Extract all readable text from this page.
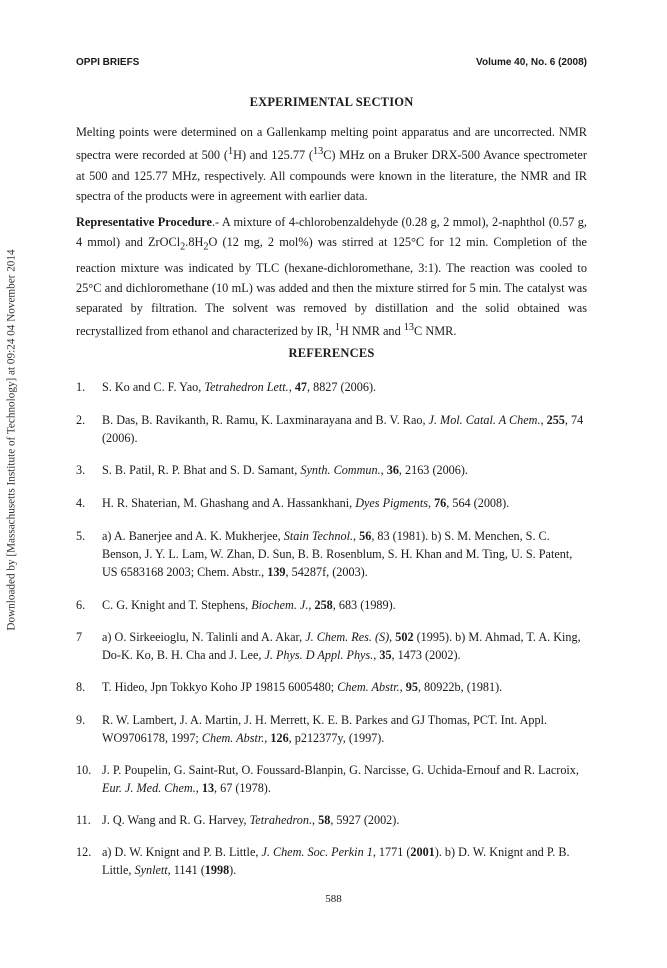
Downloaded by [Massachusetts Institute of Technology] at 09:24 04 November 2014
OPPI BRIEFS	Volume 40, No. 6 (2008)
EXPERIMENTAL SECTION

Melting points were determined on a Gallenkamp melting point apparatus and are uncorrected. NMR spectra were recorded at 500 ($^1$H) and 125.77 ($^{13}$C) MHz on a Bruker DRX-500 Avance spectrometer at 500 and 125.77 MHz, respectively. All compounds were known in the literature, the NMR and IR spectra of the products were in agreement with earlier data.

Representative Procedure.- A mixture of 4-chlorobenzaldehyde (0.28 g, 2 mmol), 2-naphthol (0.57 g, 4 mmol) and $ZrOCl_2.8H_2O$ (12 mg, 2 mol%) was stirred at 125°C for 12 min. Completion of the reaction mixture was indicated by TLC (hexane-dichloromethane, 3:1). The reaction was cooled to 25°C and dichloromethane (10 mL) was added and then the mixture stirred for 5 min. The catalyst was separated by filtration. The solvent was removed by distillation and the solid obtained was recrystallized from ethanol and characterized by IR, $^1$H NMR and $^{13}$C NMR.

REFERENCES
1.	S. Ko and C. F. Yao, Tetrahedron Lett., 47, 8827 (2006).
2.	B. Das, B. Ravikanth, R. Ramu, K. Laxminarayana and B. V. Rao, J. Mol. Catal. A Chem., 255, 74 (2006).
3.	S. B. Patil, R. P. Bhat and S. D. Samant, Synth. Commun., 36, 2163 (2006).
4.	H. R. Shaterian, M. Ghashang and A. Hassankhani, Dyes Pigments, 76, 564 (2008).
5.	a) A. Banerjee and A. K. Mukherjee, Stain Technol., 56, 83 (1981). b) S. M. Menchen, S. C. Benson, J. Y. L. Lam, W. Zhan, D. Sun, B. B. Rosenblum, S. H. Khan and M. Ting, U. S. Patent, US 6583168 2003; Chem. Abstr., 139, 54287f, (2003).
6.	C. G. Knight and T. Stephens, Biochem. J., 258, 683 (1989).
7	a) O. Sirkeeioglu, N. Talinli and A. Akar, J. Chem. Res. (S), 502 (1995). b) M. Ahmad, T. A. King, Do-K. Ko, B. H. Cha and J. Lee, J. Phys. D Appl. Phys., 35, 1473 (2002).
8.	T. Hideo, Jpn Tokkyo Koho JP 19815 6005480; Chem. Abstr., 95, 80922b, (1981).
9.	R. W. Lambert, J. A. Martin, J. H. Merrett, K. E. B. Parkes and GJ Thomas, PCT. Int. Appl. WO9706178, 1997; Chem. Abstr., 126, p212377y, (1997).
10. J. P. Poupelin, G. Saint-Rut, O. Foussard-Blanpin, G. Narcisse, G. Uchida-Ernouf and R. Lacroix, Eur. J. Med. Chem., 13, 67 (1978).
11. J. Q. Wang and R. G. Harvey, Tetrahedron., 58, 5927 (2002).
12. a) D. W. Knignt and P. B. Little, J. Chem. Soc. Perkin 1, 1771 (2001). b) D. W. Knignt and P. B. Little, Synlett, 1141 (1998).
588
